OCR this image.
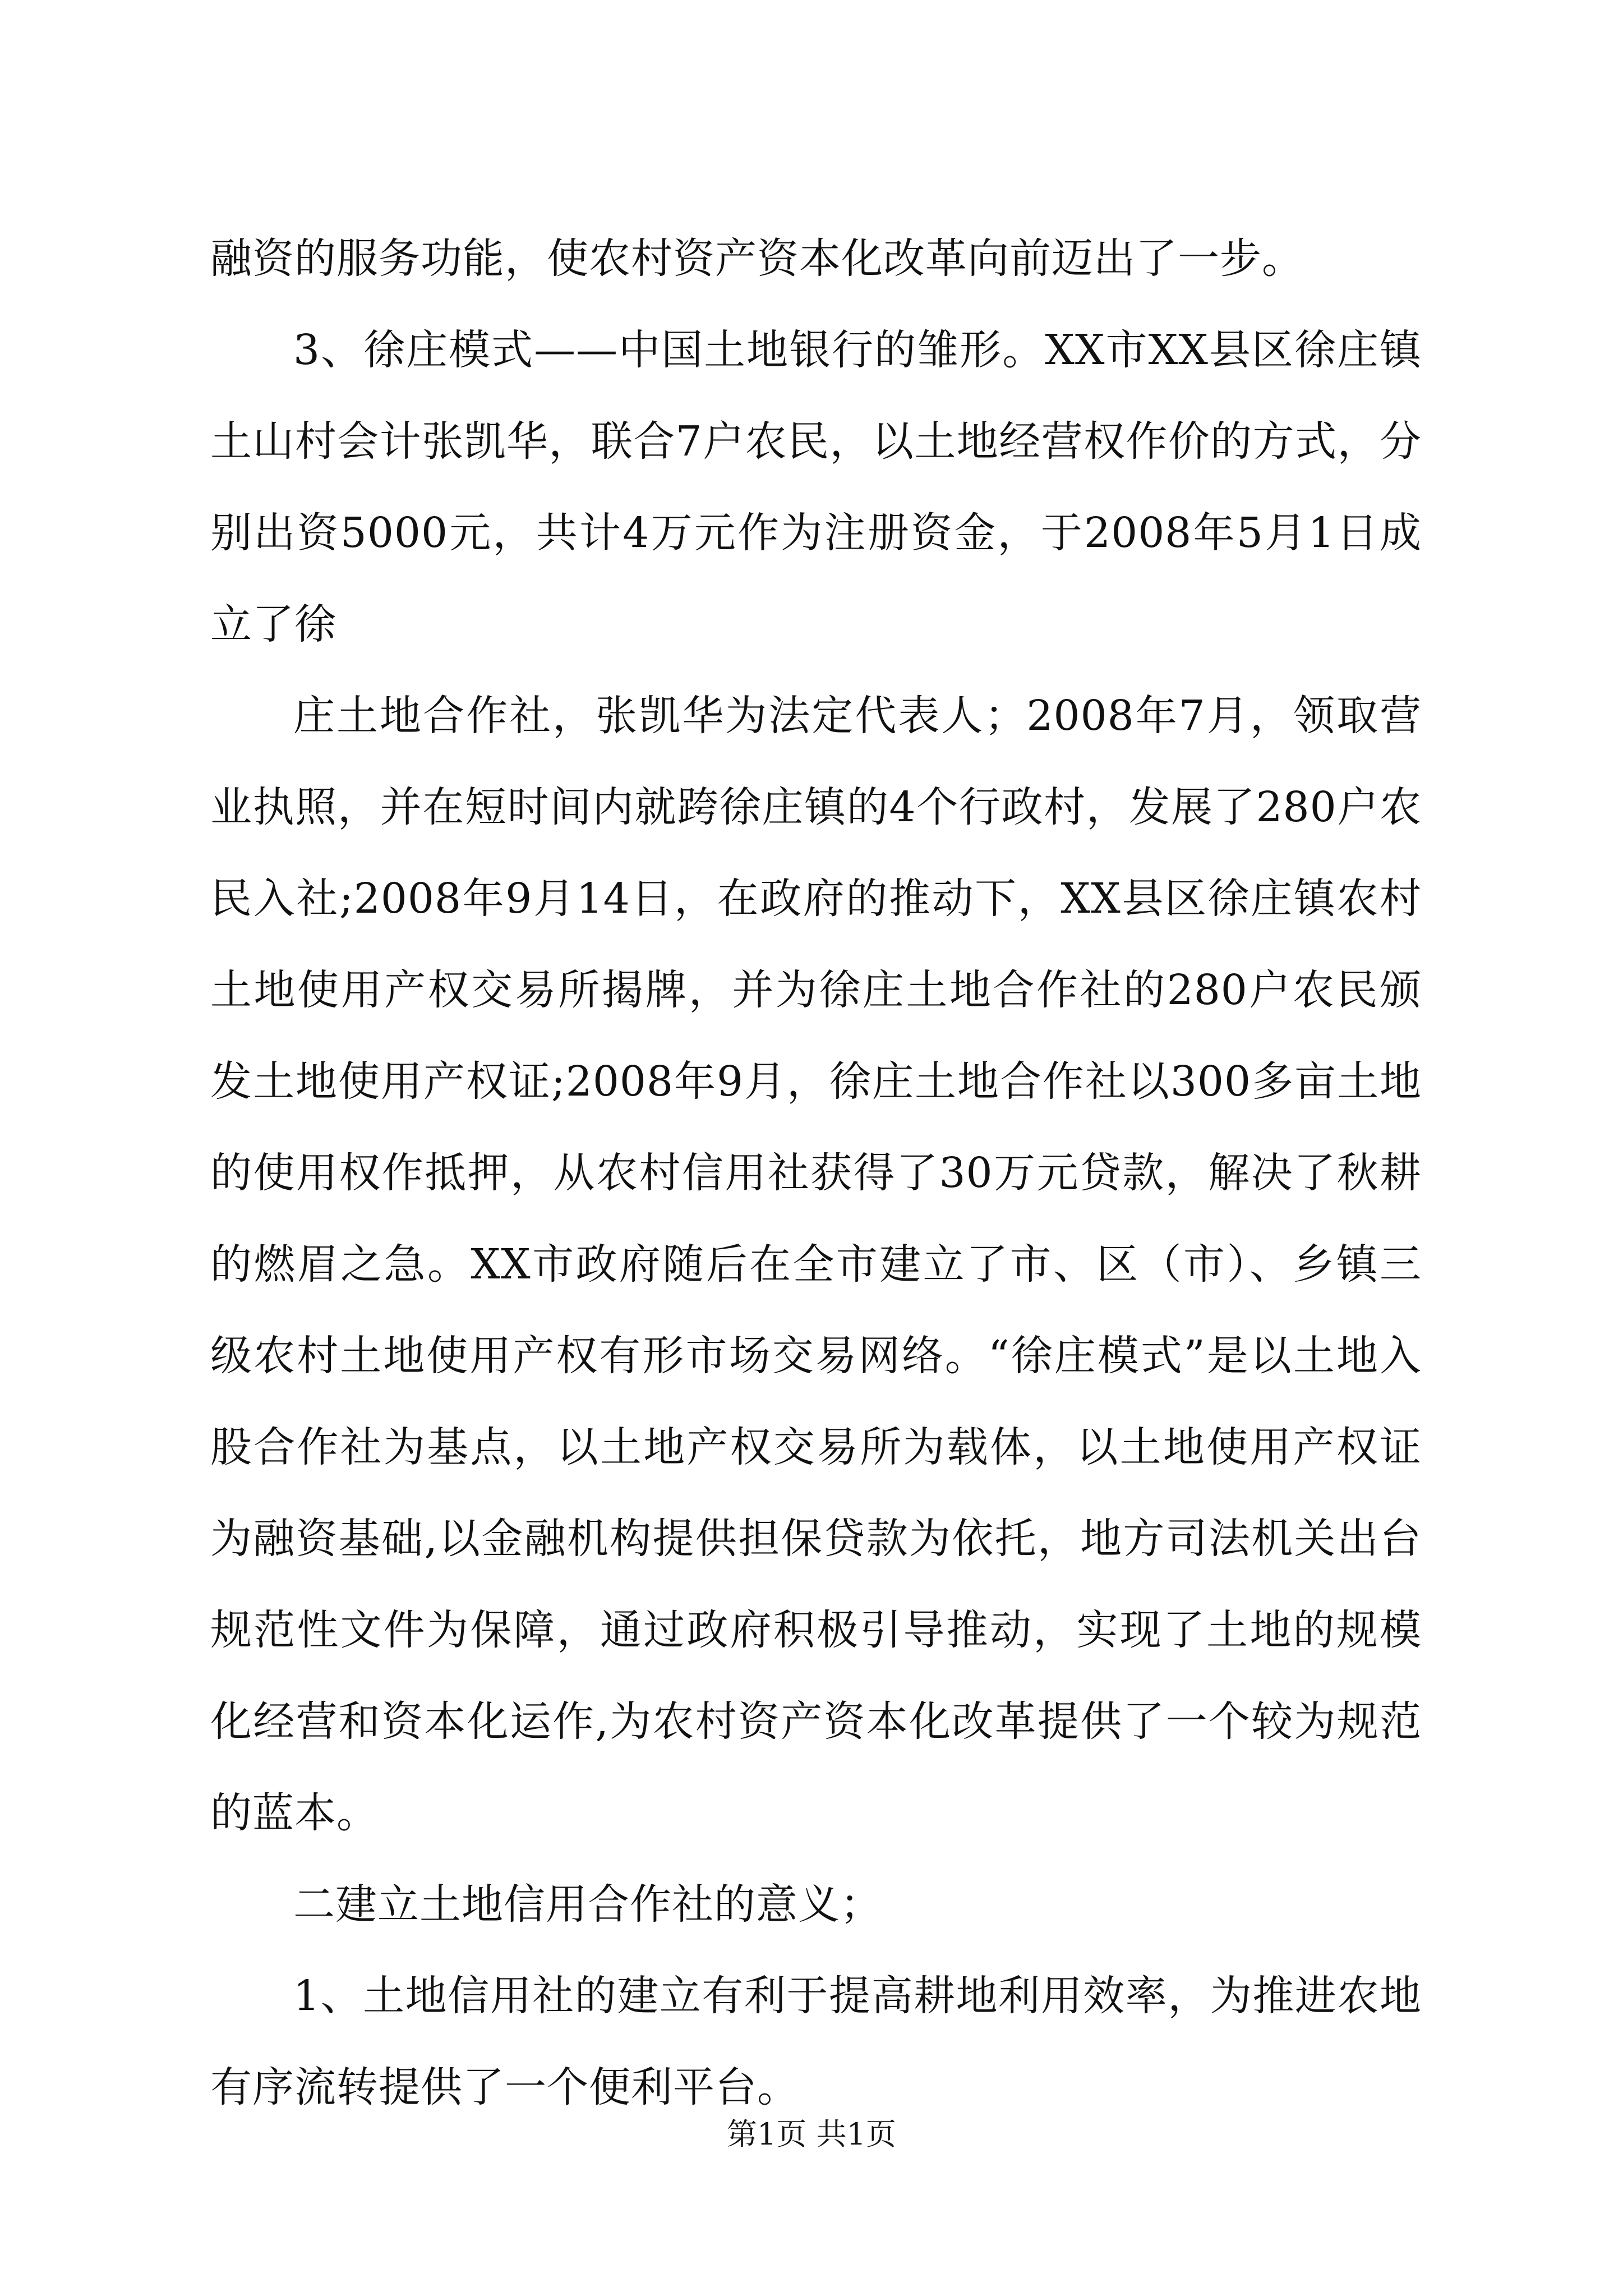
融资的服务功能，使农村资产资本化改革向前迈出了一步。

3、徐庄模式——中国土地银行的雏形。XX市XX县区徐庄镇土山村会计张凯华，联合7户农民，以土地经营权作价的方式，分别出资5000元，共计4万元作为注册资金，于2008年5月1日成立了徐

庄土地合作社，张凯华为法定代表人；2008年7月，领取营业执照，并在短时间内就跨徐庄镇的4个行政村，发展了280户农民入社;2008年9月14日，在政府的推动下，XX县区徐庄镇农村土地使用产权交易所揭牌，并为徐庄土地合作社的280户农民颁发土地使用产权证;2008年9月，徐庄土地合作社以300多亩土地的使用权作抵押，从农村信用社获得了30万元贷款，解决了秋耕的燃眉之急。XX市政府随后在全市建立了市、区（市）、乡镇三级农村土地使用产权有形市场交易网络。“徐庄模式”是以土地入股合作社为基点，以土地产权交易所为载体，以土地使用产权证为融资基础,以金融机构提供担保贷款为依托，地方司法机关出台规范性文件为保障，通过政府积极引导推动，实现了土地的规模化经营和资本化运作,为农村资产资本化改革提供了一个较为规范的蓝本。

二建立土地信用合作社的意义；

1、土地信用社的建立有利于提高耕地利用效率，为推进农地有序流转提供了一个便利平台。

第1页 共1页
